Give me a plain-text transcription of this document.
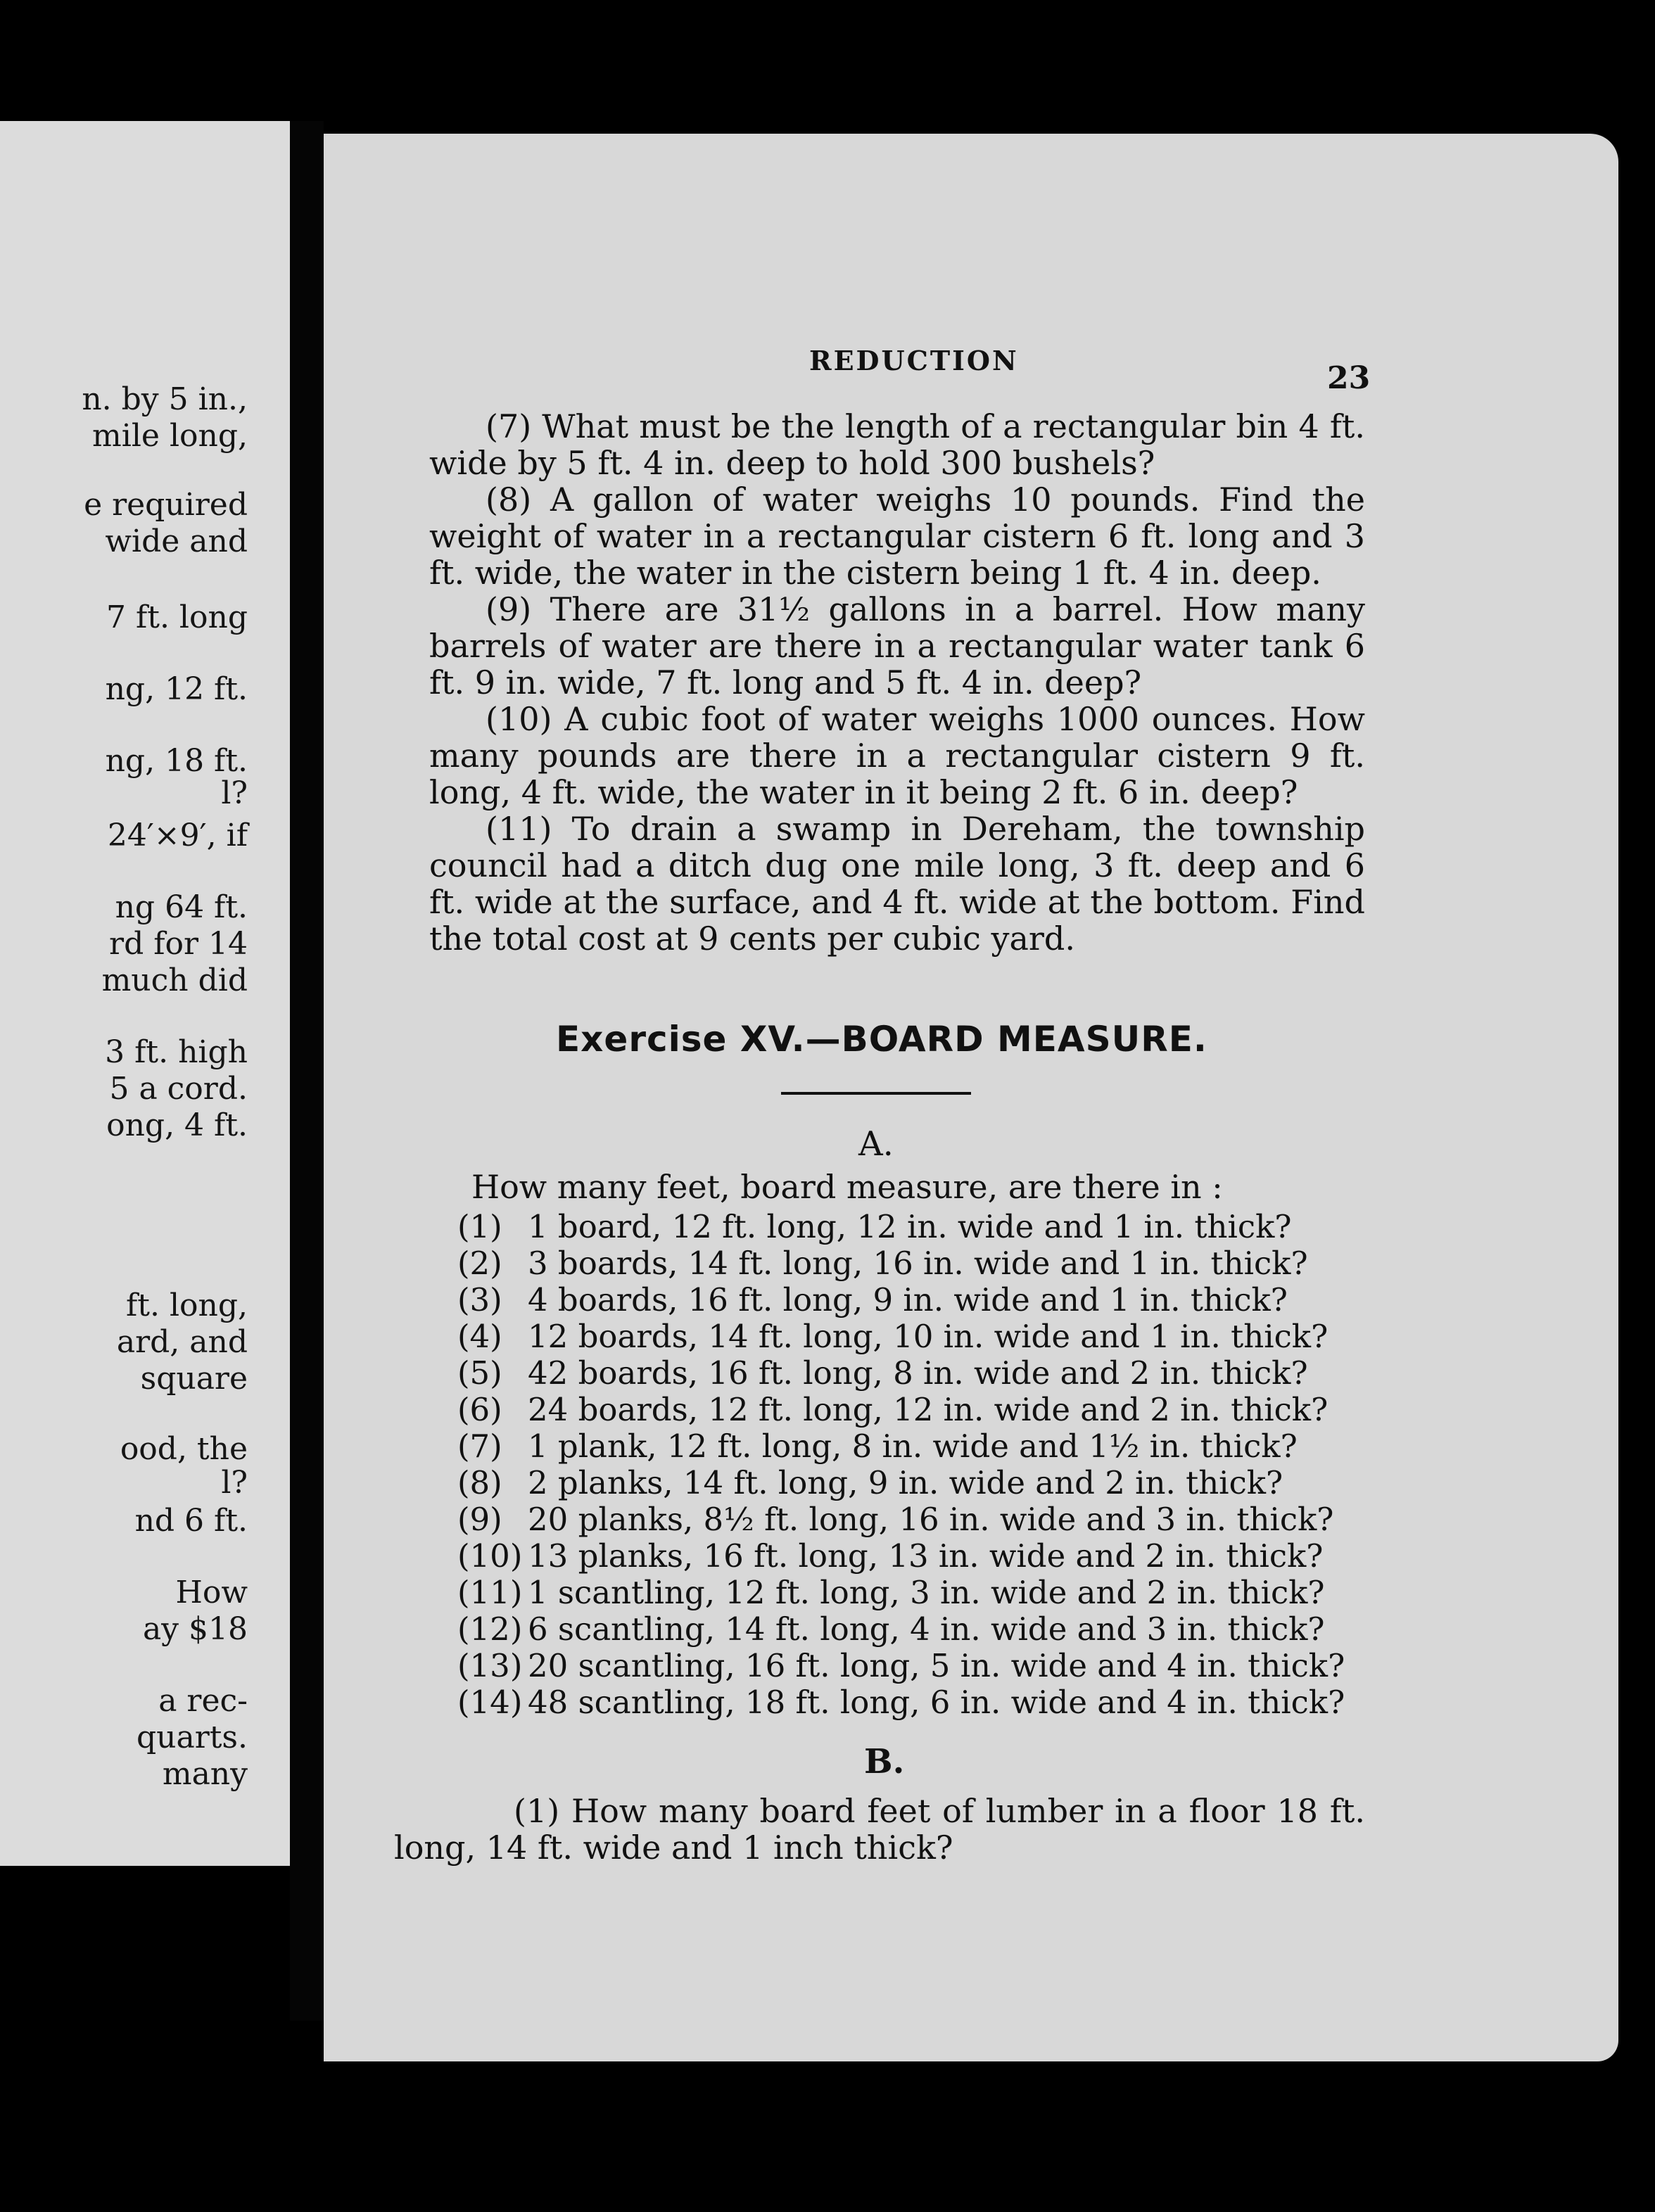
n. by 5 in.,
mile long,
e required
wide and
7 ft. long
ng, 12 ft.
ng, 18 ft.
l?
24′×9′, if
ng 64 ft.
rd for 14
much did
3 ft. high
5 a cord.
ong, 4 ft.
ft. long,
ard, and
square
ood, the
l?
nd 6 ft.
How
ay $18
a rec-
quarts.
many
REDUCTION	23

(7) What must be the length of a rectangular bin 4 ft. wide by 5 ft. 4 in. deep to hold 300 bushels?

(8) A gallon of water weighs 10 pounds. Find the weight of water in a rectangular cistern 6 ft. long and 3 ft. wide, the water in the cistern being 1 ft. 4 in. deep.

(9) There are 31½ gallons in a barrel. How many barrels of water are there in a rectangular water tank 6 ft. 9 in. wide, 7 ft. long and 5 ft. 4 in. deep?

(10) A cubic foot of water weighs 1000 ounces. How many pounds are there in a rectangular cistern 9 ft. long, 4 ft. wide, the water in it being 2 ft. 6 in. deep?

(11) To drain a swamp in Dereham, the township council had a ditch dug one mile long, 3 ft. deep and 6 ft. wide at the surface, and 4 ft. wide at the bottom. Find the total cost at 9 cents per cubic yard.

Exercise XV.—BOARD MEASURE.
A.
How many feet, board measure, are there in :
(1) 1 board, 12 ft. long, 12 in. wide and 1 in. thick?
(2) 3 boards, 14 ft. long, 16 in. wide and 1 in. thick?
(3) 4 boards, 16 ft. long, 9 in. wide and 1 in. thick?
(4) 12 boards, 14 ft. long, 10 in. wide and 1 in. thick?
(5) 42 boards, 16 ft. long, 8 in. wide and 2 in. thick?
(6) 24 boards, 12 ft. long, 12 in. wide and 2 in. thick?
(7) 1 plank, 12 ft. long, 8 in. wide and 1½ in. thick?
(8) 2 planks, 14 ft. long, 9 in. wide and 2 in. thick?
(9) 20 planks, 8½ ft. long, 16 in. wide and 3 in. thick?
(10) 13 planks, 16 ft. long, 13 in. wide and 2 in. thick?
(11) 1 scantling, 12 ft. long, 3 in. wide and 2 in. thick?
(12) 6 scantling, 14 ft. long, 4 in. wide and 3 in. thick?
(13) 20 scantling, 16 ft. long, 5 in. wide and 4 in. thick?
(14) 48 scantling, 18 ft. long, 6 in. wide and 4 in. thick?
B.

(1) How many board feet of lumber in a floor 18 ft. long, 14 ft. wide and 1 inch thick?
